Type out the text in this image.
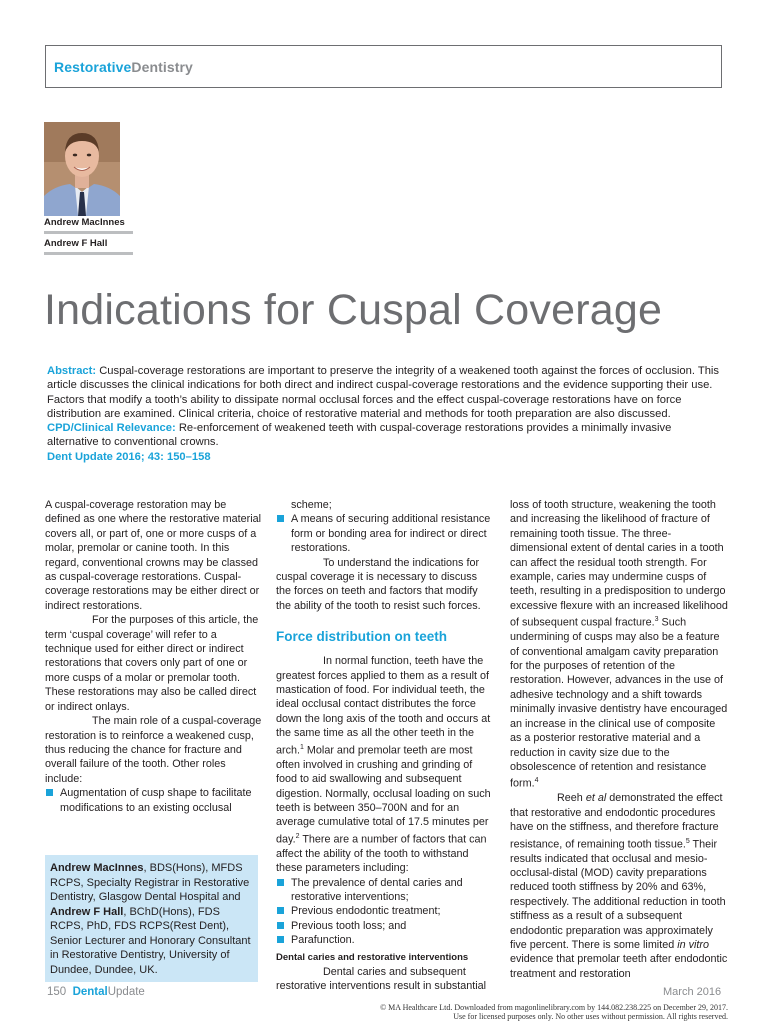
RestorativeDentistry
Andrew MacInnes
Andrew F Hall
Indications for Cuspal Coverage

Abstract: Cuspal-coverage restorations are important to preserve the integrity of a weakened tooth against the forces of occlusion. This article discusses the clinical indications for both direct and indirect cuspal-coverage restorations and the evidence supporting their use. Factors that modify a tooth’s ability to dissipate normal occlusal forces and the effect cuspal-coverage restorations have on force distribution are examined. Clinical criteria, choice of restorative material and methods for tooth preparation are also discussed.

CPD/Clinical Relevance: Re-enforcement of weakened teeth with cuspal-coverage restorations provides a minimally invasive alternative to conventional crowns.

Dent Update 2016; 43: 150–158

A cuspal-coverage restoration may be defined as one where the restorative material covers all, or part of, one or more cusps of a molar, premolar or canine tooth. In this regard, conventional crowns may be classed as cuspal-coverage restorations. Cuspal-coverage restorations may be either direct or indirect restorations.

For the purposes of this article, the term ‘cuspal coverage’ will refer to a technique used for either direct or indirect restorations that covers only part of one or more cusps of a molar or premolar tooth. These restorations may also be called direct or indirect onlays.

The main role of a cuspal-coverage restoration is to reinforce a weakened cusp, thus reducing the chance for fracture and overall failure of the tooth. Other roles include:

Augmentation of cusp shape to facilitate modifications to an existing occlusal

Andrew MacInnes, BDS(Hons), MFDS RCPS, Specialty Registrar in Restorative Dentistry, Glasgow Dental Hospital and Andrew F Hall, BChD(Hons), FDS RCPS, PhD, FDS RCPS(Rest Dent), Senior Lecturer and Honorary Consultant in Restorative Dentistry, University of Dundee, Dundee, UK.

scheme;

A means of securing additional resistance form or bonding area for indirect or direct restorations.

To understand the indications for cuspal coverage it is necessary to discuss the forces on teeth and factors that modify the ability of the tooth to resist such forces.

Force distribution on teeth

In normal function, teeth have the greatest forces applied to them as a result of mastication of food. For individual teeth, the ideal occlusal contact distributes the force down the long axis of the tooth and occurs at the same time as all the other teeth in the arch.$^1$ Molar and premolar teeth are most often involved in crushing and grinding of food to aid swallowing and subsequent digestion. Normally, occlusal loading on such teeth is between 350–700N and for an average cumulative total of 17.5 minutes per day.$^2$ There are a number of factors that can affect the ability of the tooth to withstand these parameters including:

The prevalence of dental caries and restorative interventions;

Previous endodontic treatment;

Previous tooth loss; and

Parafunction.

Dental caries and restorative interventions

Dental caries and subsequent restorative interventions result in substantial

loss of tooth structure, weakening the tooth and increasing the likelihood of fracture of remaining tooth tissue. The three-dimensional extent of dental caries in a tooth can affect the residual tooth strength. For example, caries may undermine cusps of teeth, resulting in a predisposition to undergo excessive flexure with an increased likelihood of subsequent cuspal fracture.$^3$ Such undermining of cusps may also be a feature of conventional amalgam cavity preparation for the purposes of retention of the restoration. However, advances in the use of adhesive technology and a shift towards minimally invasive dentistry have encouraged an increase in the clinical use of composite as a posterior restorative material and a reduction in cavity size due to the obsolescence of retention and resistance form.$^4$

Reeh et al demonstrated the effect that restorative and endodontic procedures have on the stiffness, and therefore fracture resistance, of remaining tooth tissue.$^5$ Their results indicated that occlusal and mesio-occlusal-distal (MOD) cavity preparations reduced tooth stiffness by 20% and 63%, respectively. The additional reduction in tooth stiffness as a result of a subsequent endodontic preparation was approximately five percent. There is some limited in vitro evidence that premolar teeth after endodontic treatment and restoration

150 DentalUpdate	March 2016
© MA Healthcare Ltd. Downloaded from magonlinelibrary.com by 144.082.238.225 on December 29, 2017.
Use for licensed purposes only. No other uses without permission. All rights reserved.
